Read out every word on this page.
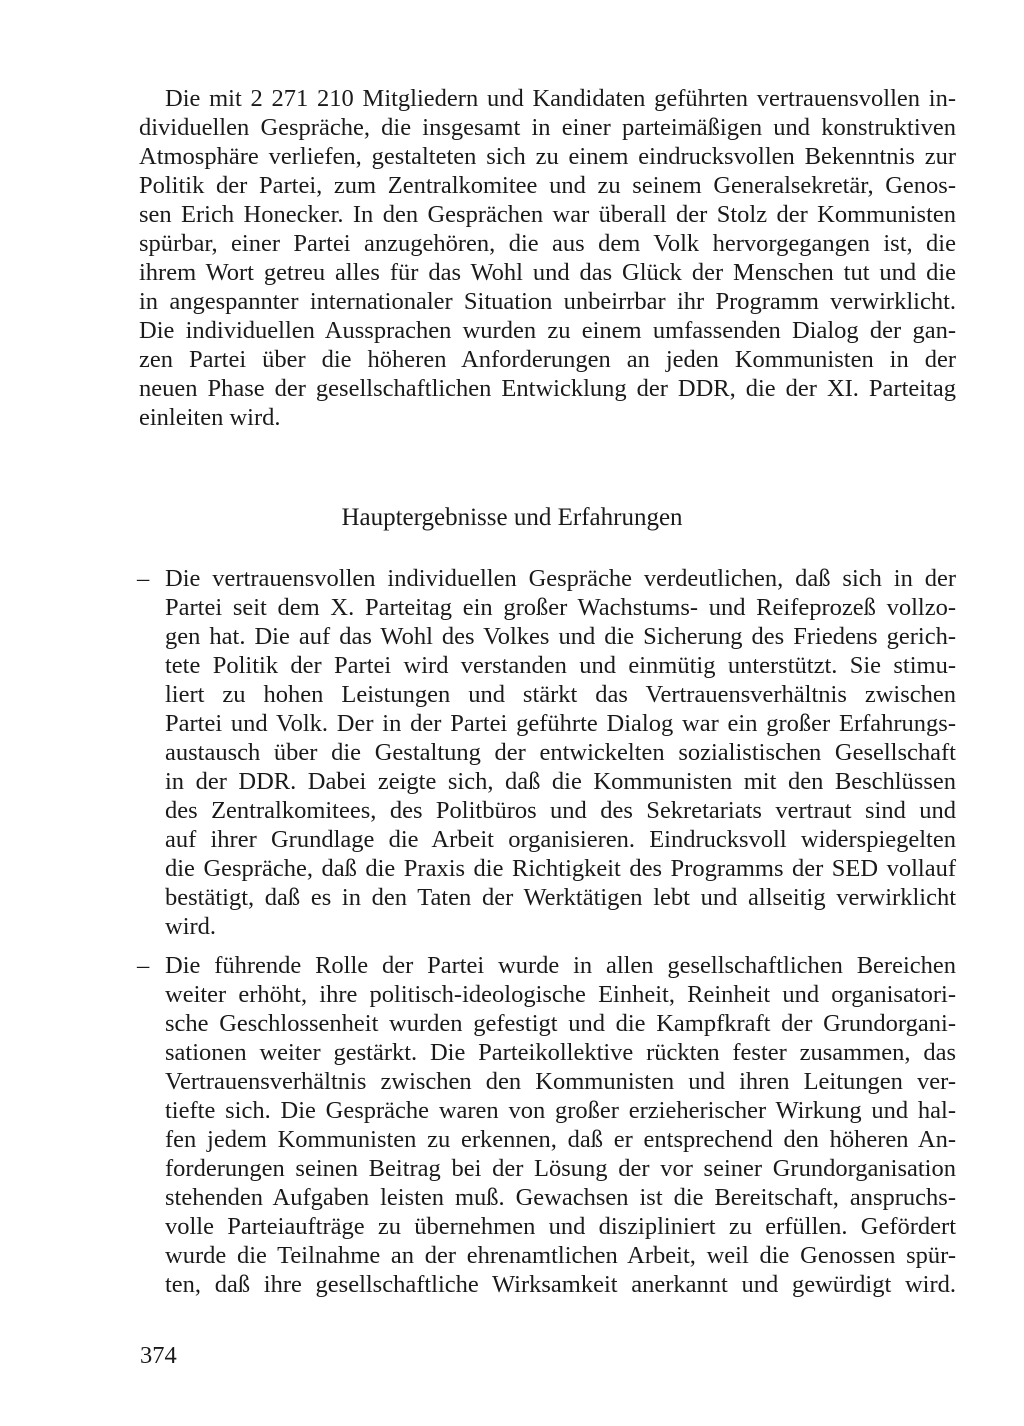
Die mit 2 271 210 Mitgliedern und Kandidaten geführten vertrauensvollen in-
dividuellen Gespräche, die insgesamt in einer parteimäßigen und konstruktiven
Atmosphäre verliefen, gestalteten sich zu einem eindrucksvollen Bekenntnis zur
Politik der Partei, zum Zentralkomitee und zu seinem Generalsekretär, Genos-
sen Erich Honecker. In den Gesprächen war überall der Stolz der Kommunisten
spürbar, einer Partei anzugehören, die aus dem Volk hervorgegangen ist, die
ihrem Wort getreu alles für das Wohl und das Glück der Menschen tut und die
in angespannter internationaler Situation unbeirrbar ihr Programm verwirklicht.
Die individuellen Aussprachen wurden zu einem umfassenden Dialog der gan-
zen Partei über die höheren Anforderungen an jeden Kommunisten in der
neuen Phase der gesellschaftlichen Entwicklung der DDR, die der XI. Parteitag
einleiten wird.
Hauptergebnisse und Erfahrungen
– Die vertrauensvollen individuellen Gespräche verdeutlichen, daß sich in der
Partei seit dem X. Parteitag ein großer Wachstums- und Reifeprozeß vollzo-
gen hat. Die auf das Wohl des Volkes und die Sicherung des Friedens gerich-
tete Politik der Partei wird verstanden und einmütig unterstützt. Sie stimu-
liert zu hohen Leistungen und stärkt das Vertrauensverhältnis zwischen
Partei und Volk. Der in der Partei geführte Dialog war ein großer Erfahrungs-
austausch über die Gestaltung der entwickelten sozialistischen Gesellschaft
in der DDR. Dabei zeigte sich, daß die Kommunisten mit den Beschlüssen
des Zentralkomitees, des Politbüros und des Sekretariats vertraut sind und
auf ihrer Grundlage die Arbeit organisieren. Eindrucksvoll widerspiegelten
die Gespräche, daß die Praxis die Richtigkeit des Programms der SED vollauf
bestätigt, daß es in den Taten der Werktätigen lebt und allseitig verwirklicht
wird.
– Die führende Rolle der Partei wurde in allen gesellschaftlichen Bereichen
weiter erhöht, ihre politisch-ideologische Einheit, Reinheit und organisatori-
sche Geschlossenheit wurden gefestigt und die Kampfkraft der Grundorgani-
sationen weiter gestärkt. Die Parteikollektive rückten fester zusammen, das
Vertrauensverhältnis zwischen den Kommunisten und ihren Leitungen ver-
tiefte sich. Die Gespräche waren von großer erzieherischer Wirkung und hal-
fen jedem Kommunisten zu erkennen, daß er entsprechend den höheren An-
forderungen seinen Beitrag bei der Lösung der vor seiner Grundorganisation
stehenden Aufgaben leisten muß. Gewachsen ist die Bereitschaft, anspruchs-
volle Parteiaufträge zu übernehmen und diszipliniert zu erfüllen. Gefördert
wurde die Teilnahme an der ehrenamtlichen Arbeit, weil die Genossen spür-
ten, daß ihre gesellschaftliche Wirksamkeit anerkannt und gewürdigt wird.
374
